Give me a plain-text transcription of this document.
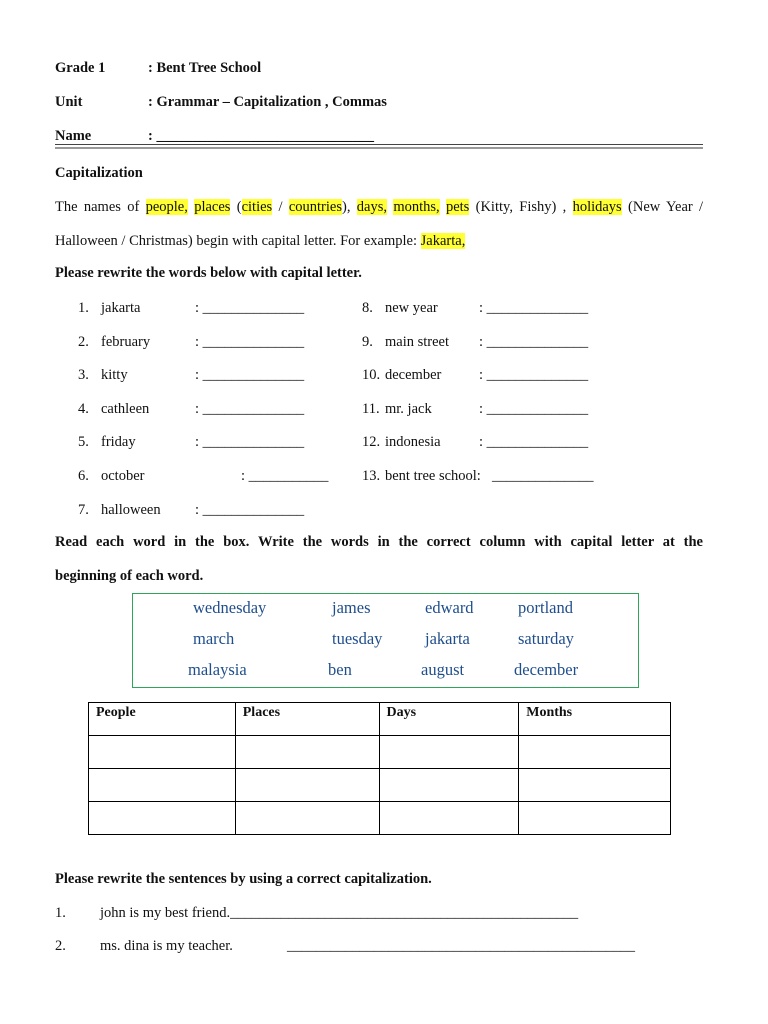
Grade 1	: Bent Tree School
Unit	: Grammar – Capitalization , Commas
Name	: ______________________________
Capitalization
The names of people, places (cities / countries), days, months, pets (Kitty, Fishy) , holidays (New Year / Halloween / Christmas) begin with capital letter. For example: Jakarta,
Please rewrite the words below with capital letter.
Read each word in the box. Write the words in the correct column with capital letter at the
beginning of each word.
wednesday	james	edward	portland
march	tuesday	jakarta	saturday
malaysia	ben	august	december
People	Places	Days	Months

Please rewrite the sentences by using a correct capitalization.
1. john is my best friend.________________________________________________
2. ms. dina is my teacher.	________________________________________________
1. jakarta	: ______________
2. february	: ______________
3. kitty	: ______________
4. cathleen	: ______________
5. friday	: ______________
6. october	: ___________
7. halloween : ______________
8. new year	: ______________
9. main street : ______________
10. december	: ______________
11. mr. jack	: ______________
12. indonesia	: ______________
13. bent tree school: ______________
